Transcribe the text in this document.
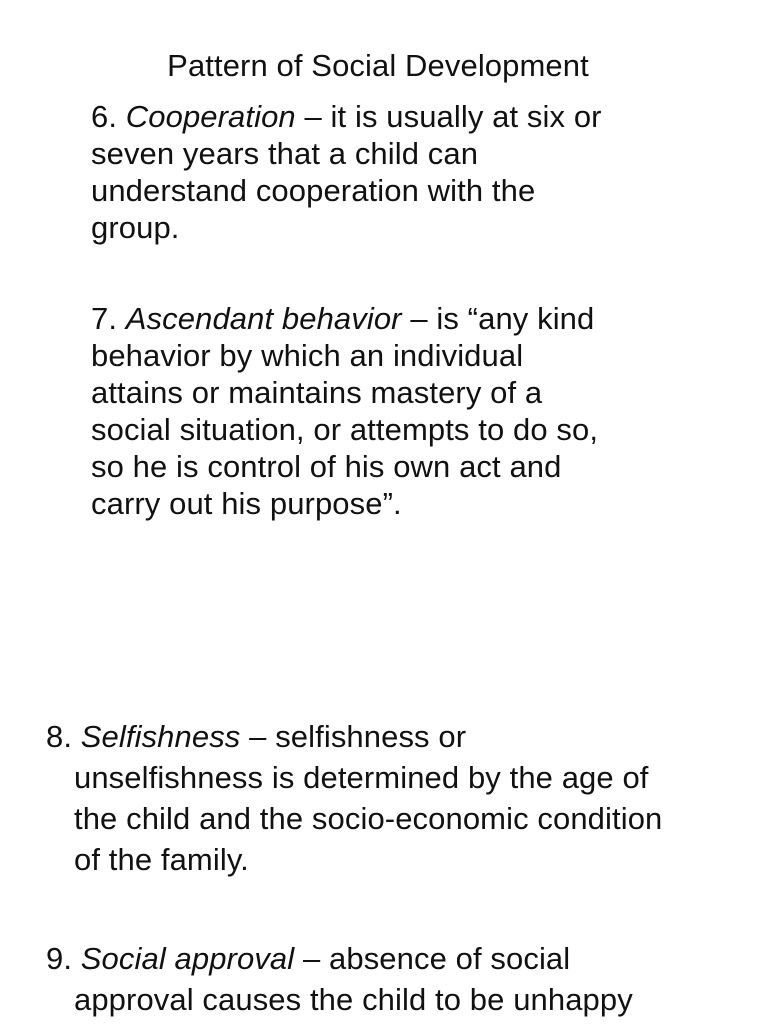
Pattern of Social Development
6. Cooperation – it is usually at six or
seven years that a child can
understand cooperation with the
group.
7. Ascendant behavior – is “any kind
behavior by which an individual
attains or maintains mastery of a
social situation, or attempts to do so,
so he is control of his own act and
carry out his purpose”.
8. Selfishness – selfishness or
unselfishness is determined by the age of
the child and the socio-economic condition
of the family.
9. Social approval – absence of social
approval causes the child to be unhappy
